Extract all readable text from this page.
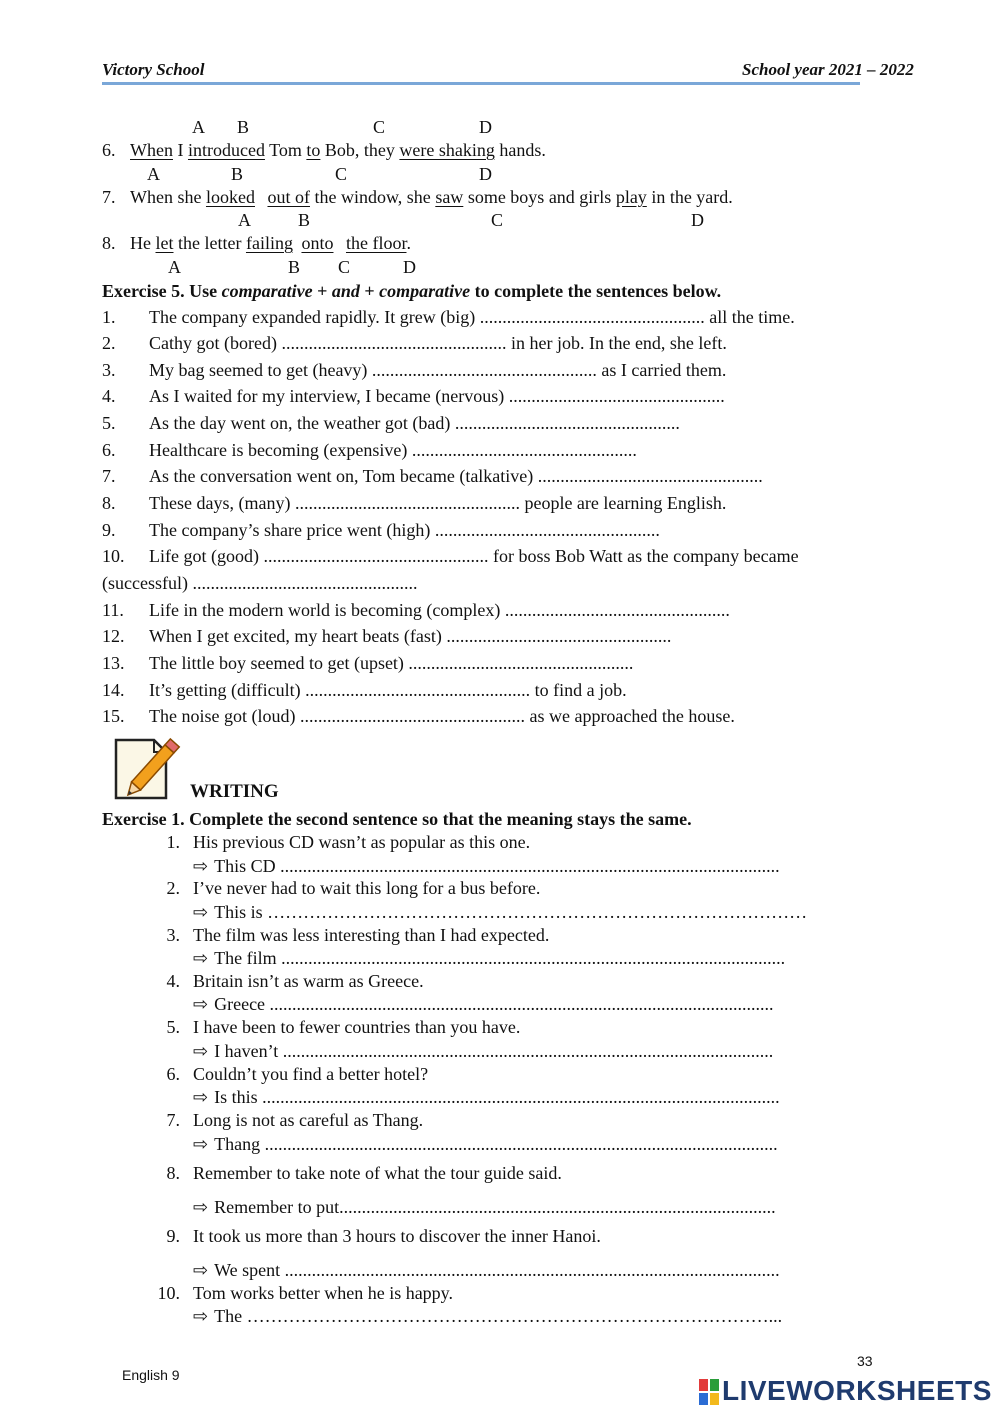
Victory School	School year 2021 – 2022
A B	C	D
6. When I introduced Tom to Bob, they were shaking hands.
A	B	C	D
7. When she looked out of the window, she saw some boys and girls play in the yard.
A	B	C	D
8. He let the letter failing onto the floor.
A	B C	D
Exercise 5. Use comparative + and + comparative to complete the sentences below.
1. The company expanded rapidly. It grew (big) .................................................. all the time.
2. Cathy got (bored) .................................................. in her job. In the end, she left.
3. My bag seemed to get (heavy) .................................................. as I carried them.
4. As I waited for my interview, I became (nervous) ................................................
5. As the day went on, the weather got (bad) ..................................................
6. Healthcare is becoming (expensive) ..................................................
7. As the conversation went on, Tom became (talkative) ..................................................
8. These days, (many) .................................................. people are learning English.
9. The company’s share price went (high) ..................................................
10. Life got (good) .................................................. for boss Bob Watt as the company became
(successful) ..................................................
11. Life in the modern world is becoming (complex) ..................................................
12. When I get excited, my heart beats (fast) ..................................................
13. The little boy seemed to get (upset) ..................................................
14. It’s getting (difficult) .................................................. to find a job.
15. The noise got (loud) .................................................. as we approached the house.
WRITING
Exercise 1. Complete the second sentence so that the meaning stays the same.
1. His previous CD wasn’t as popular as this one.
⇨ This CD ...............................................................................................................
2. I’ve never had to wait this long for a bus before.
⇨ This is ………………………………………………………………………………
3. The film was less interesting than I had expected.
⇨ The film ................................................................................................................
4. Britain isn’t as warm as Greece.
⇨ Greece ................................................................................................................
5. I have been to fewer countries than you have.
⇨ I haven’t .............................................................................................................
6. Couldn’t you find a better hotel?
⇨ Is this ...................................................................................................................
7. Long is not as careful as Thang.
⇨ Thang ..................................................................................................................
8. Remember to take note of what the tour guide said.
⇨ Remember to put.................................................................................................
9. It took us more than 3 hours to discover the inner Hanoi.
⇨ We spent ..............................................................................................................
10. Tom works better when he is happy.
⇨ The ……………………………………………………………………………...
English 9
33
LIVEWORKSHEETS
